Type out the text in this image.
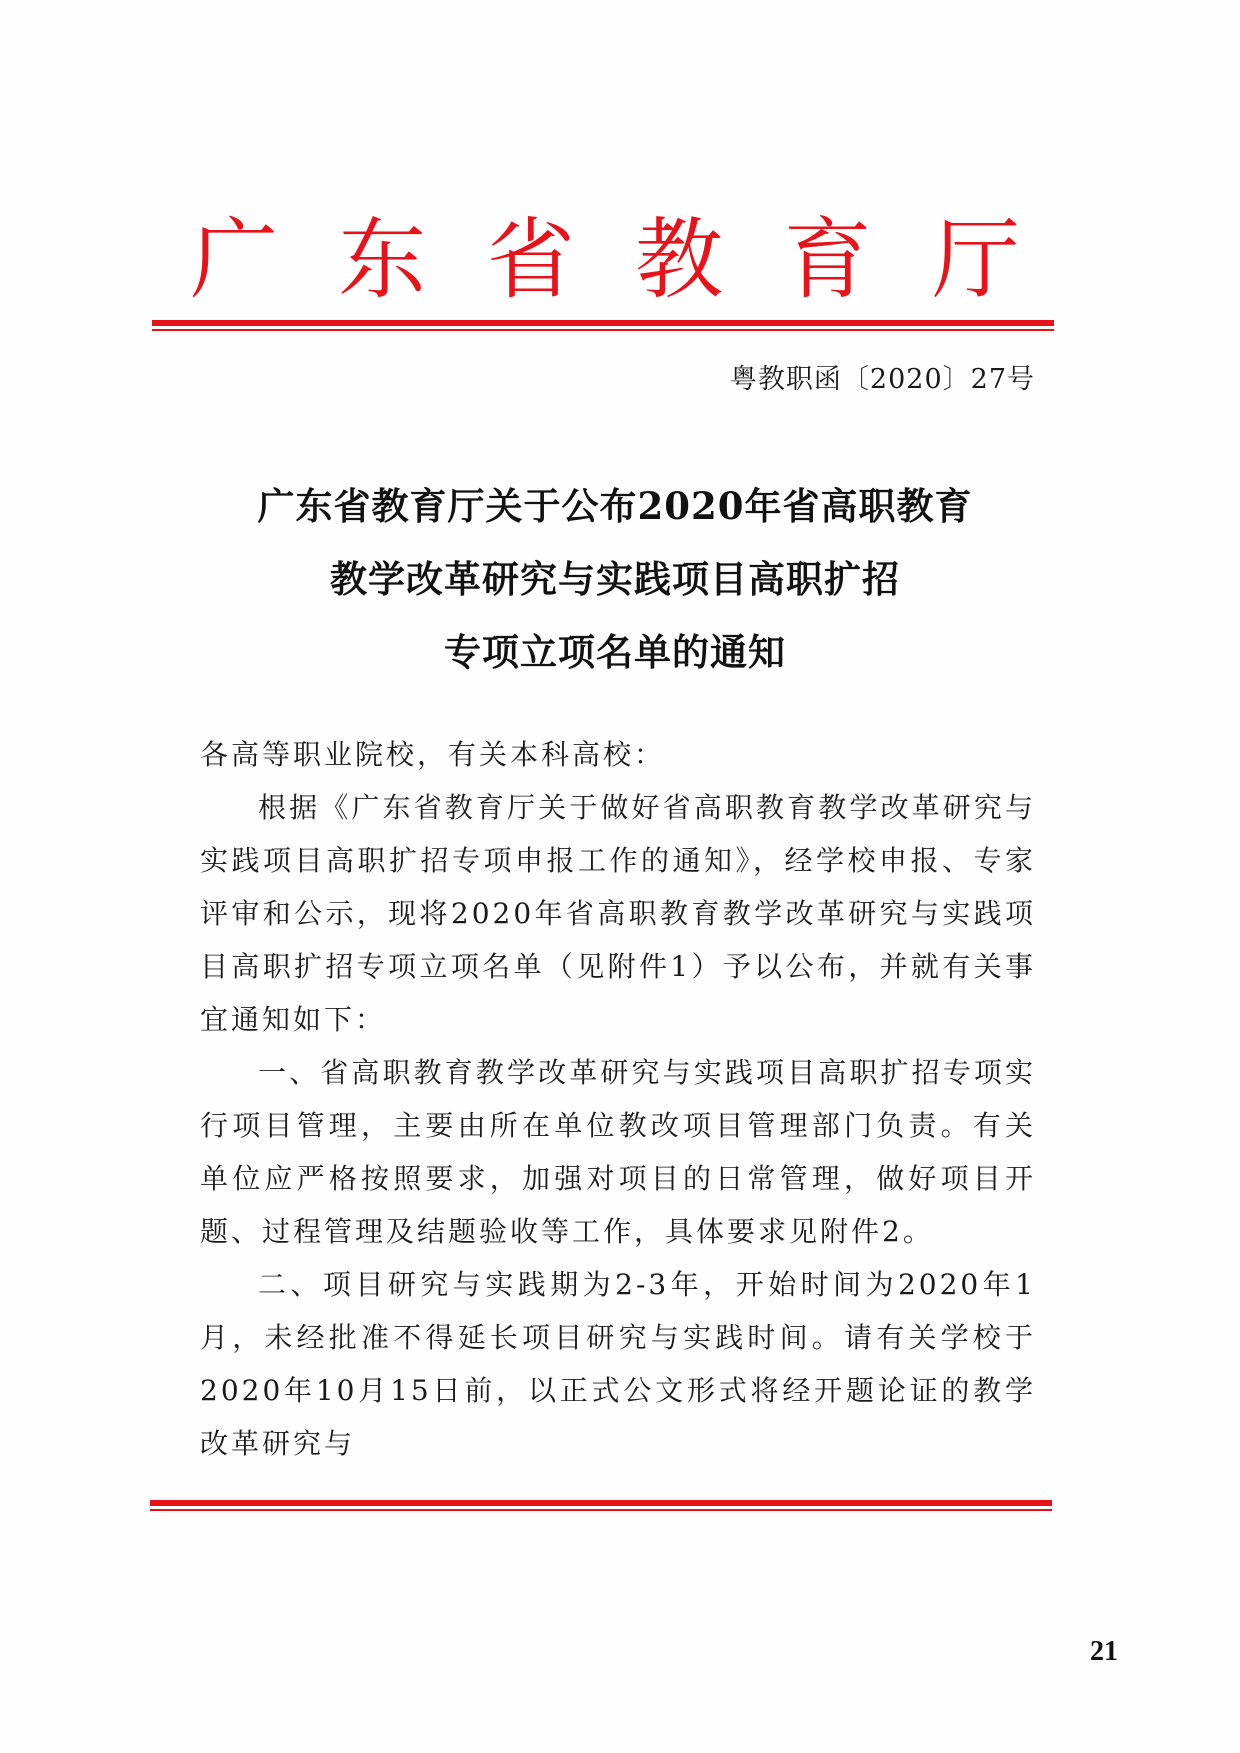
广 东 省 教 育 厅
粤教职函〔2020〕27号
广东省教育厅关于公布2020年省高职教育
教学改革研究与实践项目高职扩招
专项立项名单的通知

各高等职业院校，有关本科高校：

根据《广东省教育厅关于做好省高职教育教学改革研究与实践项目高职扩招专项申报工作的通知》，经学校申报、专家评审和公示，现将2020年省高职教育教学改革研究与实践项目高职扩招专项立项名单（见附件1）予以公布，并就有关事宜通知如下：

一、省高职教育教学改革研究与实践项目高职扩招专项实行项目管理，主要由所在单位教改项目管理部门负责。有关单位应严格按照要求，加强对项目的日常管理，做好项目开题、过程管理及结题验收等工作，具体要求见附件2。

二、项目研究与实践期为2-3年，开始时间为2020年1月，未经批准不得延长项目研究与实践时间。请有关学校于2020年10月15日前，以正式公文形式将经开题论证的教学改革研究与

21
